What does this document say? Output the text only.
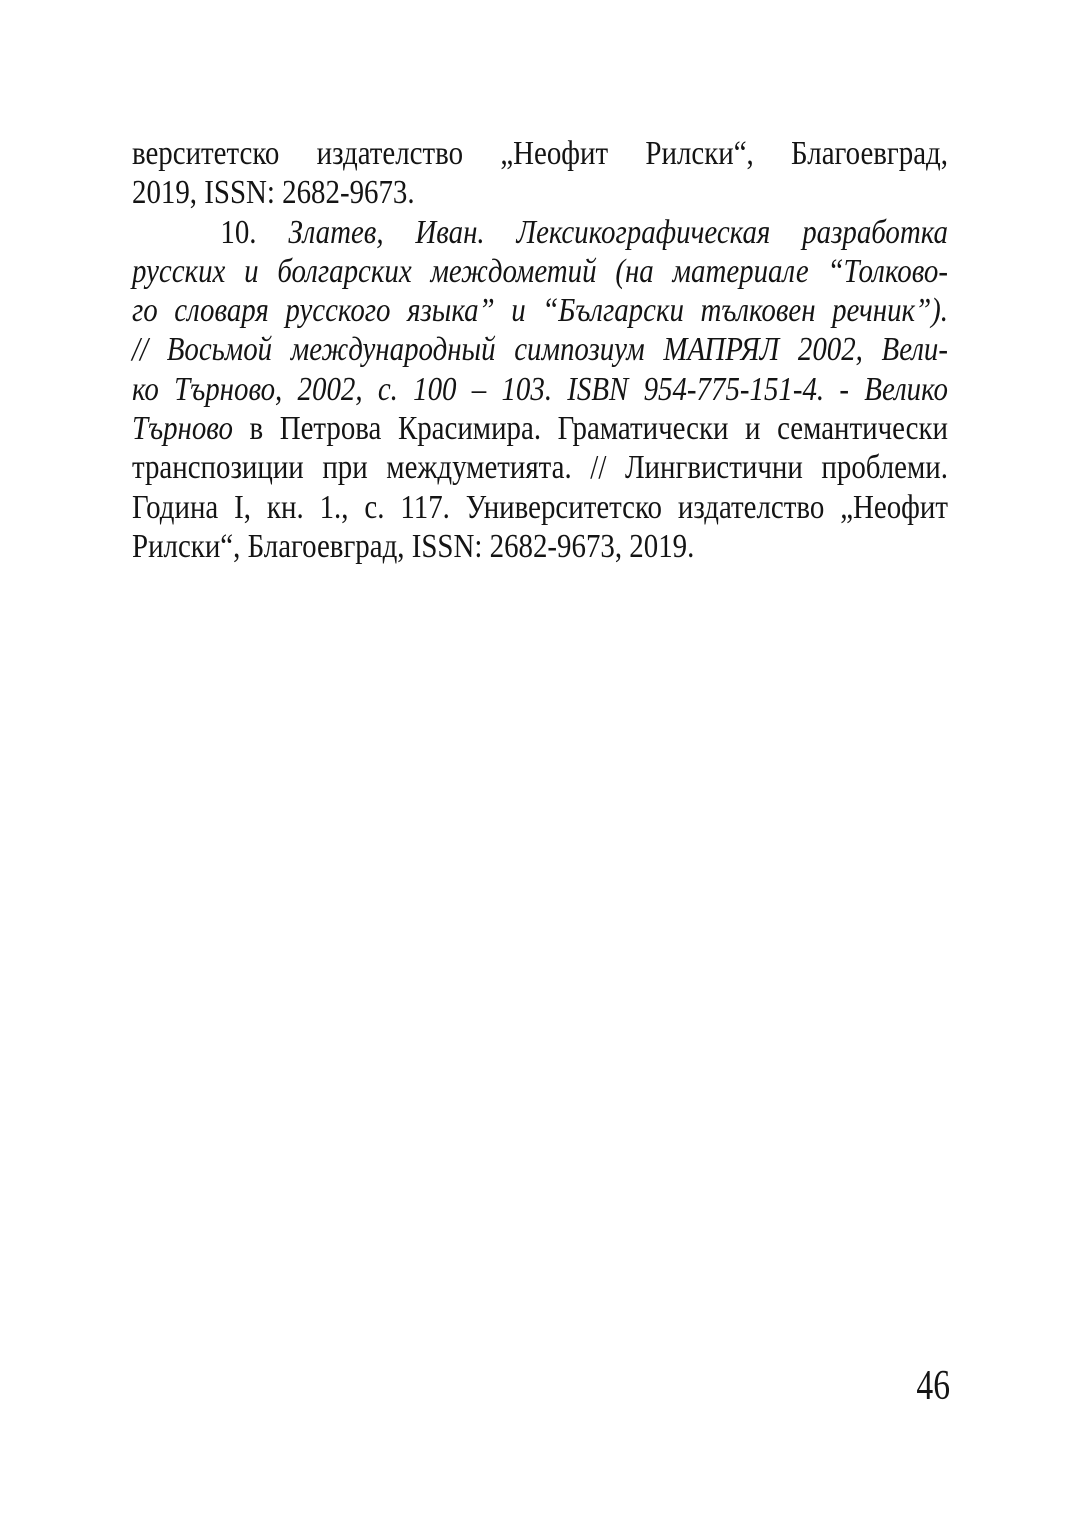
верситетско издателство „Неофит Рилски“, Благоевград,
2019, ISSN: 2682-9673.
10. Златев, Иван. Лексикографическая разработка
русских и болгарских междометий (на материале “Толково-
го словаря русского языка” и “Български тълковен речник”).
// Восьмой международный симпозиум МАПРЯЛ 2002, Вели-
ко Търново, 2002, с. 100 – 103. ISBN 954-775-151-4. - Велико
Търново в Петрова Красимира. Граматически и семантически
транспозиции при междуметията. // Лингвистични проблеми.
Година I, кн. 1., с. 117. Университетско издателство „Неофит
Рилски“, Благоевград, ISSN: 2682-9673, 2019.
46
